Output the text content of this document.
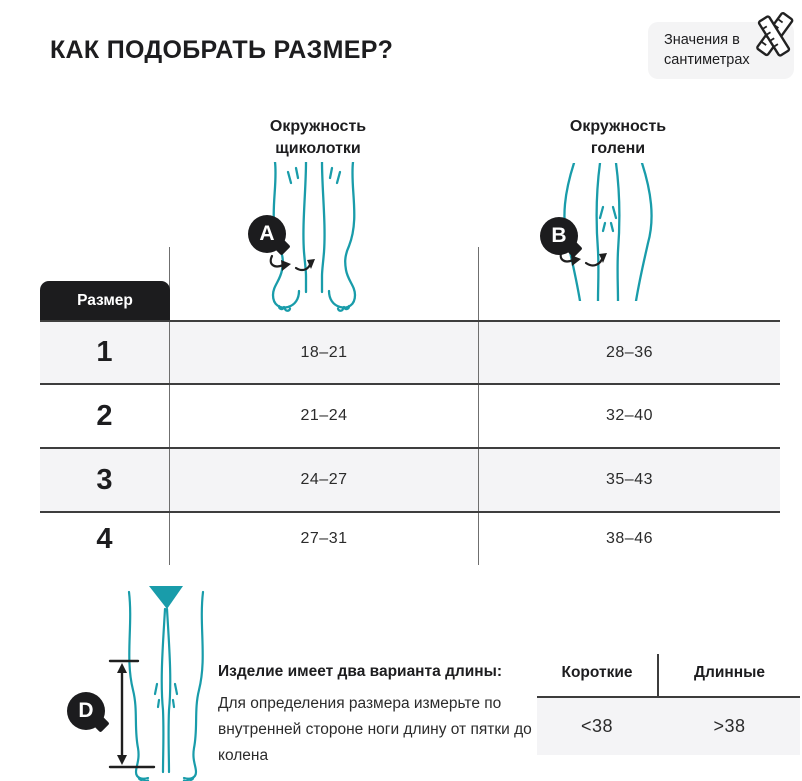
КАК ПОДОБРАТЬ РАЗМЕР?	Значения в
сантиметрах
Окружность
щиколотки
Окружность
голени
A	B
Размер
1	18–21	28–36
2	21–24	32–40
3	24–27	35–43
4	27–31	38–46
D
Изделие имеет два варианта длины:
Для определения размера измерьте по внутренней стороне ноги длину от пятки до колена
Короткие	Длинные
<38	>38
